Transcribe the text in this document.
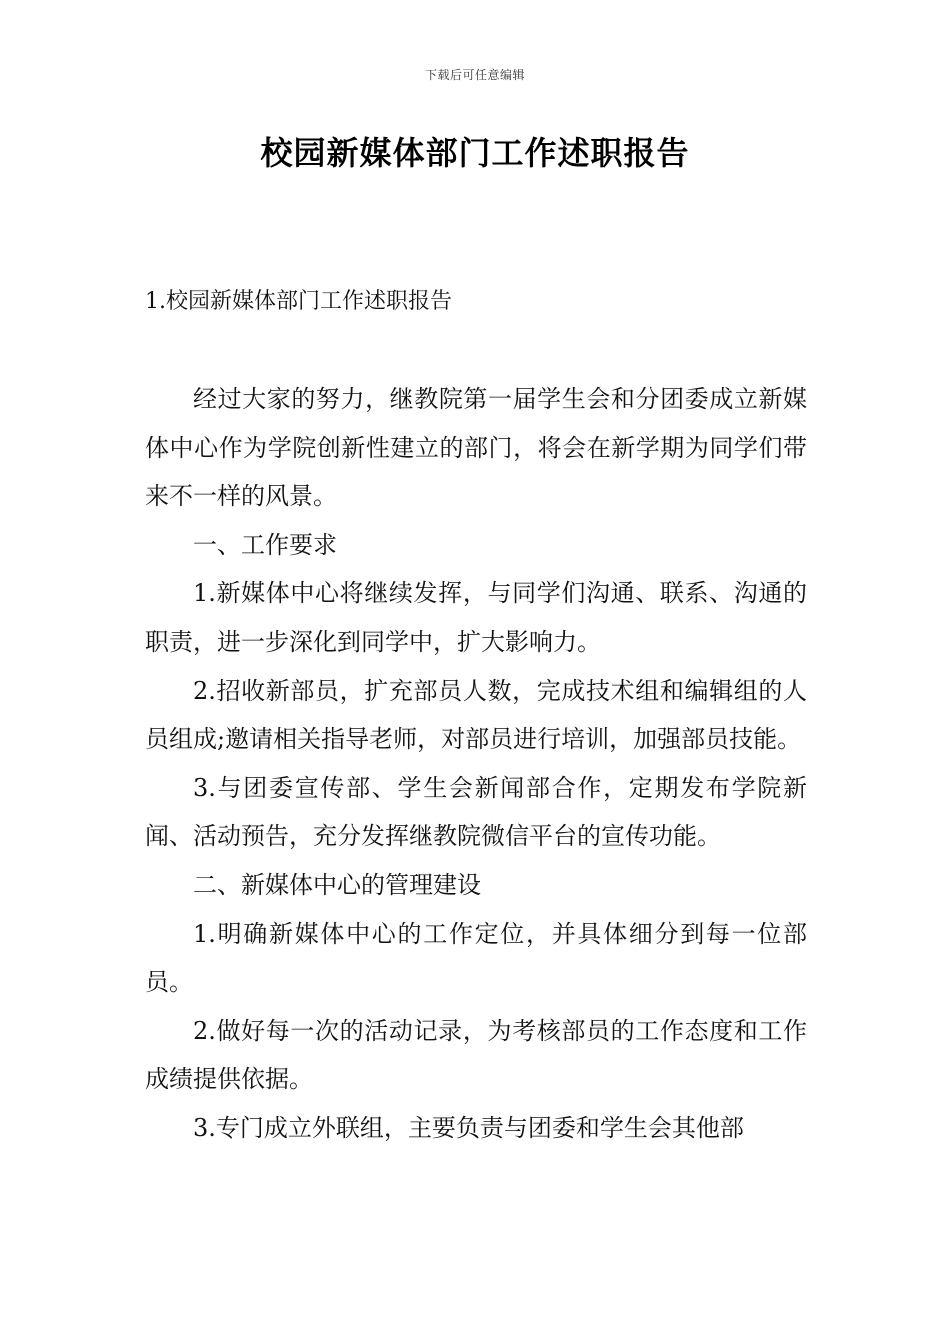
下载后可任意编辑
校园新媒体部门工作述职报告
1.校园新媒体部门工作述职报告

经过大家的努力，继教院第一届学生会和分团委成立新媒体中心作为学院创新性建立的部门，将会在新学期为同学们带来不一样的风景。

一、工作要求

1.新媒体中心将继续发挥，与同学们沟通、联系、沟通的职责，进一步深化到同学中，扩大影响力。

2.招收新部员，扩充部员人数，完成技术组和编辑组的人员组成;邀请相关指导老师，对部员进行培训，加强部员技能。

3.与团委宣传部、学生会新闻部合作，定期发布学院新闻、活动预告，充分发挥继教院微信平台的宣传功能。

二、新媒体中心的管理建设

1.明确新媒体中心的工作定位，并具体细分到每一位部员。

2.做好每一次的活动记录，为考核部员的工作态度和工作成绩提供依据。

3.专门成立外联组，主要负责与团委和学生会其他部
